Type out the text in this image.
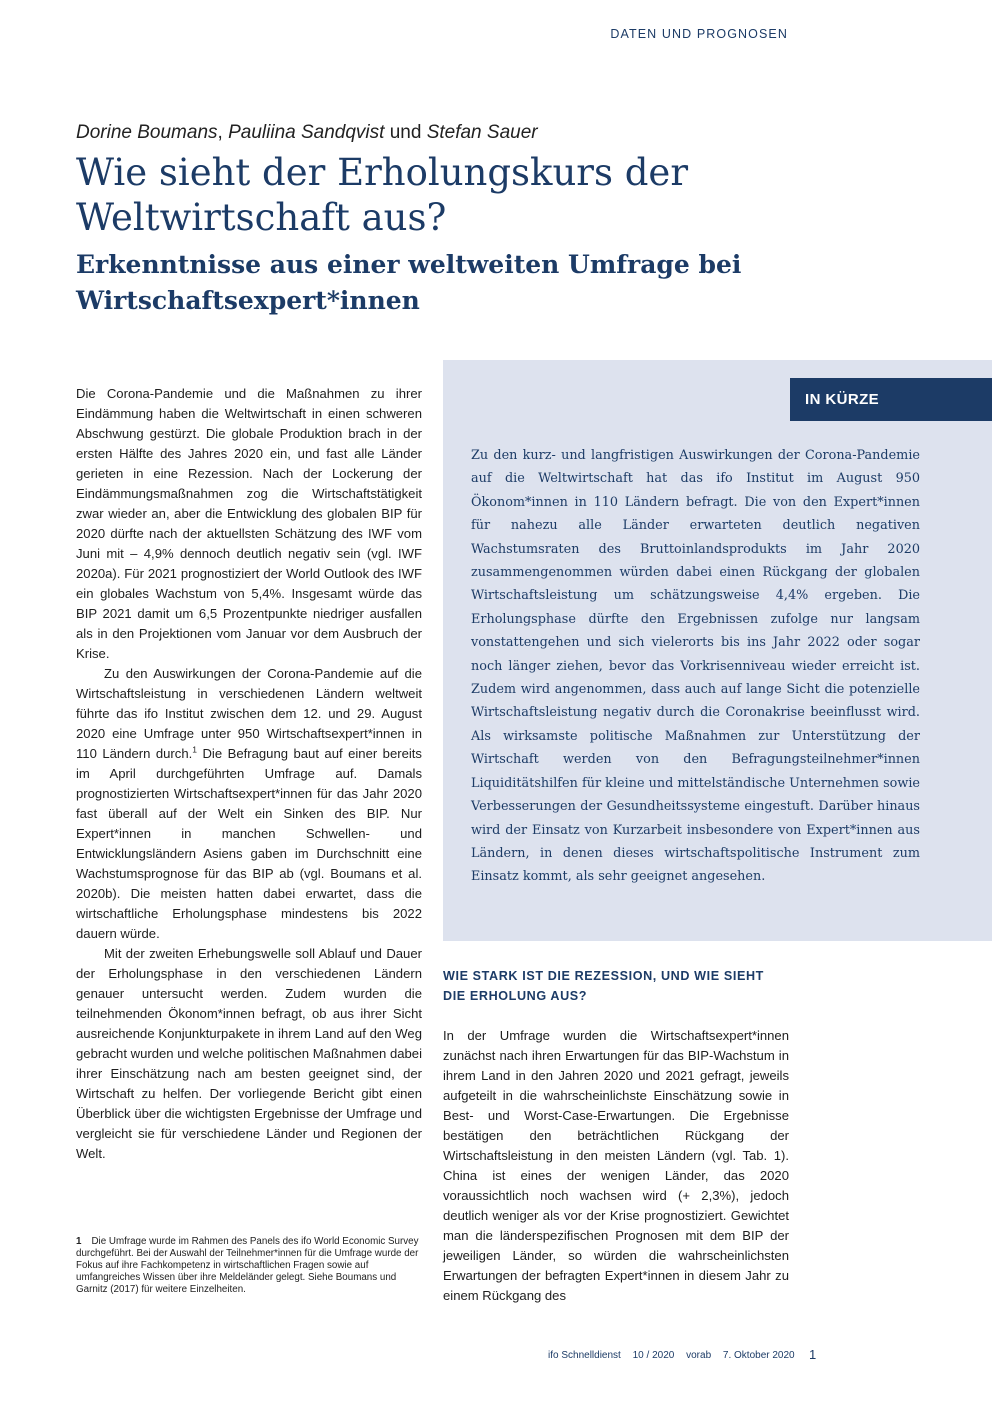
DATEN UND PROGNOSEN
Dorine Boumans, Pauliina Sandqvist und Stefan Sauer
Wie sieht der Erholungskurs der Weltwirtschaft aus?
Erkenntnisse aus einer weltweiten Umfrage bei Wirtschaftsexpert*innen

Die Corona-Pandemie und die Maßnahmen zu ihrer Eindämmung haben die Weltwirtschaft in einen schweren Abschwung gestürzt. Die globale Produktion brach in der ersten Hälfte des Jahres 2020 ein, und fast alle Länder gerieten in eine Rezession. Nach der Lockerung der Eindämmungsmaßnahmen zog die Wirtschaftstätigkeit zwar wieder an, aber die Entwicklung des globalen BIP für 2020 dürfte nach der aktuellsten Schätzung des IWF vom Juni mit – 4,9% dennoch deutlich negativ sein (vgl. IWF 2020a). Für 2021 prognostiziert der World Outlook des IWF ein globales Wachstum von 5,4%. Insgesamt würde das BIP 2021 damit um 6,5 Prozentpunkte niedriger ausfallen als in den Projektionen vom Januar vor dem Ausbruch der Krise.

Zu den Auswirkungen der Corona-Pandemie auf die Wirtschaftsleistung in verschiedenen Ländern weltweit führte das ifo Institut zwischen dem 12. und 29. August 2020 eine Umfrage unter 950 Wirtschaftsexpert*innen in 110 Ländern durch.$^1$ Die Befragung baut auf einer bereits im April durchgeführten Umfrage auf. Damals prognostizierten Wirtschaftsexpert*innen für das Jahr 2020 fast überall auf der Welt ein Sinken des BIP. Nur Expert*innen in manchen Schwellen- und Entwicklungsländern Asiens gaben im Durchschnitt eine Wachstumsprognose für das BIP ab (vgl. Boumans et al. 2020b). Die meisten hatten dabei erwartet, dass die wirtschaftliche Erholungsphase mindestens bis 2022 dauern würde.

Mit der zweiten Erhebungswelle soll Ablauf und Dauer der Erholungsphase in den verschiedenen Ländern genauer untersucht werden. Zudem wurden die teilnehmenden Ökonom*innen befragt, ob aus ihrer Sicht ausreichende Konjunkturpakete in ihrem Land auf den Weg gebracht wurden und welche politischen Maßnahmen dabei ihrer Einschätzung nach am besten geeignet sind, der Wirtschaft zu helfen. Der vorliegende Bericht gibt einen Überblick über die wichtigsten Ergebnisse der Umfrage und vergleicht sie für verschiedene Länder und Regionen der Welt.

1 Die Umfrage wurde im Rahmen des Panels des ifo World Economic Survey durchgeführt. Bei der Auswahl der Teilnehmer*innen für die Umfrage wurde der Fokus auf ihre Fachkompetenz in wirtschaftlichen Fragen sowie auf umfangreiches Wissen über ihre Meldeländer gelegt. Siehe Boumans und Garnitz (2017) für weitere Einzelheiten.
IN KÜRZE

Zu den kurz- und langfristigen Auswirkungen der Corona-Pandemie auf die Weltwirtschaft hat das ifo Institut im August 950 Ökonom*innen in 110 Ländern befragt. Die von den Expert*innen für nahezu alle Länder erwarteten deutlich negativen Wachstumsraten des Bruttoinlandsprodukts im Jahr 2020 zusammengenommen würden dabei einen Rückgang der globalen Wirtschaftsleistung um schätzungsweise 4,4% ergeben. Die Erholungsphase dürfte den Ergebnissen zufolge nur langsam vonstattengehen und sich vielerorts bis ins Jahr 2022 oder sogar noch länger ziehen, bevor das Vorkrisenniveau wieder erreicht ist. Zudem wird angenommen, dass auch auf lange Sicht die potenzielle Wirtschaftsleistung negativ durch die Coronakrise beeinflusst wird. Als wirksamste politische Maßnahmen zur Unterstützung der Wirtschaft werden von den Befragungsteilnehmer*innen Liquiditätshilfen für kleine und mittelständische Unternehmen sowie Verbesserungen der Gesundheitssysteme eingestuft. Darüber hinaus wird der Einsatz von Kurzarbeit insbesondere von Expert*innen aus Ländern, in denen dieses wirtschaftspolitische Instrument zum Einsatz kommt, als sehr geeignet angesehen.

WIE STARK IST DIE REZESSION, UND WIE SIEHT DIE ERHOLUNG AUS?

In der Umfrage wurden die Wirtschaftsexpert*innen zunächst nach ihren Erwartungen für das BIP-Wachstum in ihrem Land in den Jahren 2020 und 2021 gefragt, jeweils aufgeteilt in die wahrscheinlichste Einschätzung sowie in Best- und Worst-Case-Erwartungen. Die Ergebnisse bestätigen den beträchtlichen Rückgang der Wirtschaftsleistung in den meisten Ländern (vgl. Tab. 1). China ist eines der wenigen Länder, das 2020 voraussichtlich noch wachsen wird (+ 2,3%), jedoch deutlich weniger als vor der Krise prognostiziert. Gewichtet man die länderspezifischen Prognosen mit dem BIP der jeweiligen Länder, so würden die wahrscheinlichsten Erwartungen der befragten Expert*innen in diesem Jahr zu einem Rückgang des

ifo Schnelldienst 10 / 2020 vorab 7. Oktober 2020	1
